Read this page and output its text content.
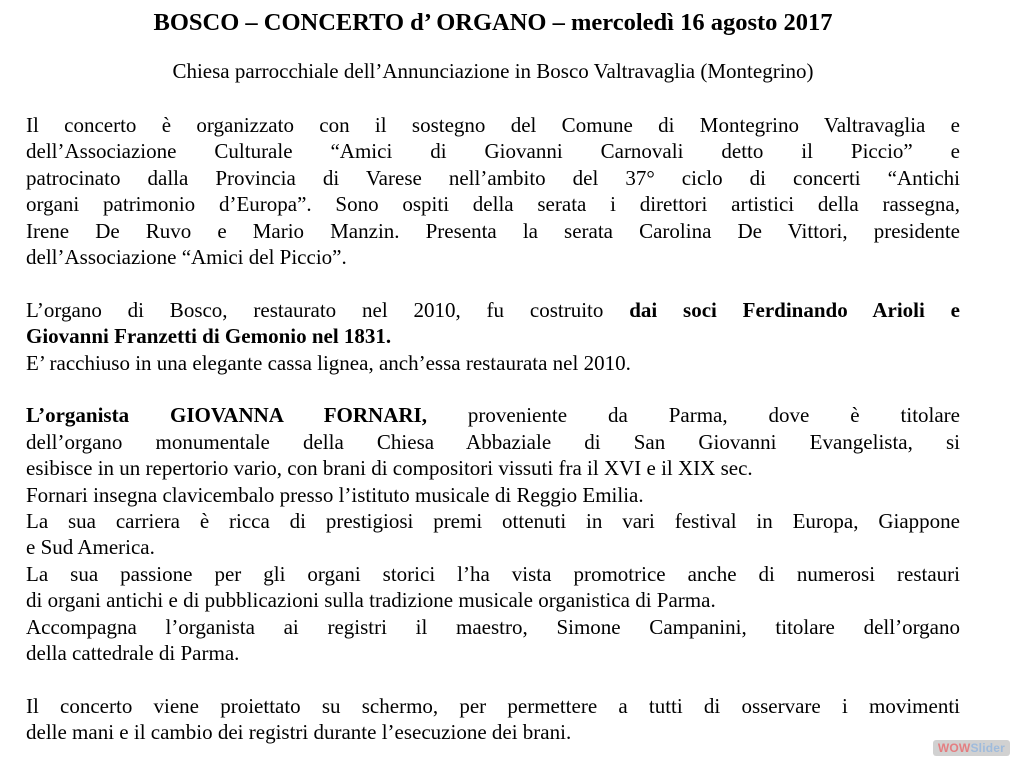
BOSCO – CONCERTO d’ ORGANO – mercoledì 16 agosto 2017
Chiesa parrocchiale dell’Annunciazione in Bosco Valtravaglia (Montegrino)
Il concerto è organizzato con il sostegno del Comune di Montegrino Valtravaglia e
dell’Associazione Culturale “Amici di Giovanni Carnovali detto il Piccio” e
patrocinato dalla Provincia di Varese nell’ambito del 37° ciclo di concerti “Antichi
organi patrimonio d’Europa”. Sono ospiti della serata i direttori artistici della rassegna,
Irene De Ruvo e Mario Manzin. Presenta la serata Carolina De Vittori, presidente
dell’Associazione “Amici del Piccio”.
L’organo di Bosco, restaurato nel 2010, fu costruito dai soci Ferdinando Arioli e
Giovanni Franzetti di Gemonio nel 1831.
E’ racchiuso in una elegante cassa lignea, anch’essa restaurata nel 2010.
L’organista GIOVANNA FORNARI, proveniente da Parma, dove è titolare
dell’organo monumentale della Chiesa Abbaziale di San Giovanni Evangelista, si
esibisce in un repertorio vario, con brani di compositori vissuti fra il XVI e il XIX sec.
Fornari insegna clavicembalo presso l’istituto musicale di Reggio Emilia.
La sua carriera è ricca di prestigiosi premi ottenuti in vari festival in Europa, Giappone
e Sud America.
La sua passione per gli organi storici l’ha vista promotrice anche di numerosi restauri
di organi antichi e di pubblicazioni sulla tradizione musicale organistica di Parma.
Accompagna l’organista ai registri il maestro, Simone Campanini, titolare dell’organo
della cattedrale di Parma.
Il concerto viene proiettato su schermo, per permettere a tutti di osservare i movimenti
delle mani e il cambio dei registri durante l’esecuzione dei brani.
WOWSlider
